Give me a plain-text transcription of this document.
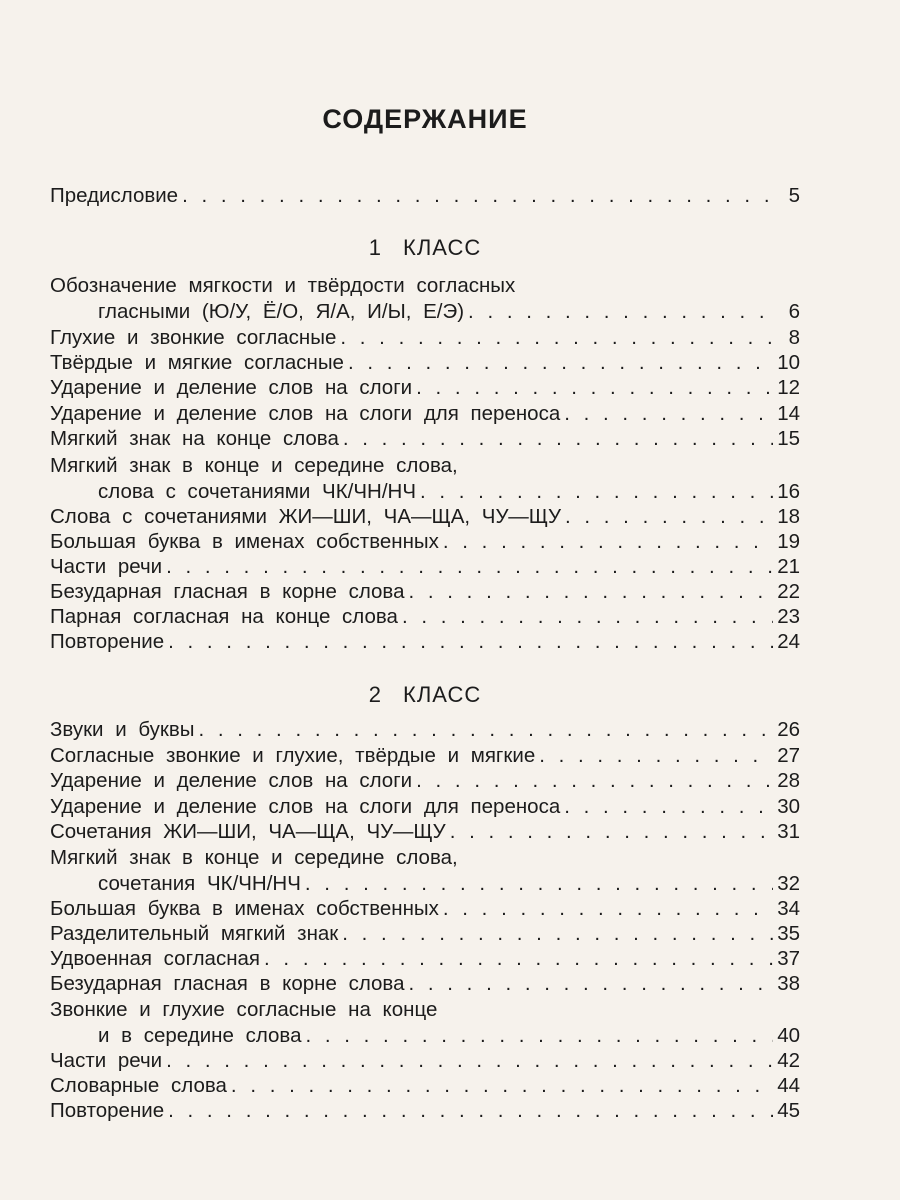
СОДЕРЖАНИЕ
Предисловие . . .	5
1 КЛАСС
Обозначение мягкости и твёрдости согласных
гласными (Ю/У, Ё/О, Я/А, И/Ы, Е/Э) . . .	6
Глухие и звонкие согласные . . .	8
Твёрдые и мягкие согласные . . .	10
Ударение и деление слов на слоги . . .	12
Ударение и деление слов на слоги для переноса . . .	14
Мягкий знак на конце слова . . .	15
Мягкий знак в конце и середине слова,
слова с сочетаниями ЧК/ЧН/НЧ . . .	16
Слова с сочетаниями ЖИ—ШИ, ЧА—ЩА, ЧУ—ЩУ . . .	18
Большая буква в именах собственных . . .	19
Части речи . . .	21
Безударная гласная в корне слова . . .	22
Парная согласная на конце слова . . .	23
Повторение . . .	24
2 КЛАСС
Звуки и буквы . . .	26
Согласные звонкие и глухие, твёрдые и мягкие . . .	27
Ударение и деление слов на слоги . . .	28
Ударение и деление слов на слоги для переноса . . .	30
Сочетания ЖИ—ШИ, ЧА—ЩА, ЧУ—ЩУ . . .	31
Мягкий знак в конце и середине слова,
сочетания ЧК/ЧН/НЧ . . .	32
Большая буква в именах собственных . . .	34
Разделительный мягкий знак . . .	35
Удвоенная согласная . . .	37
Безударная гласная в корне слова . . .	38
Звонкие и глухие согласные на конце
и в середине слова . . .	40
Части речи . . .	42
Словарные слова . . .	44
Повторение . . .	45
